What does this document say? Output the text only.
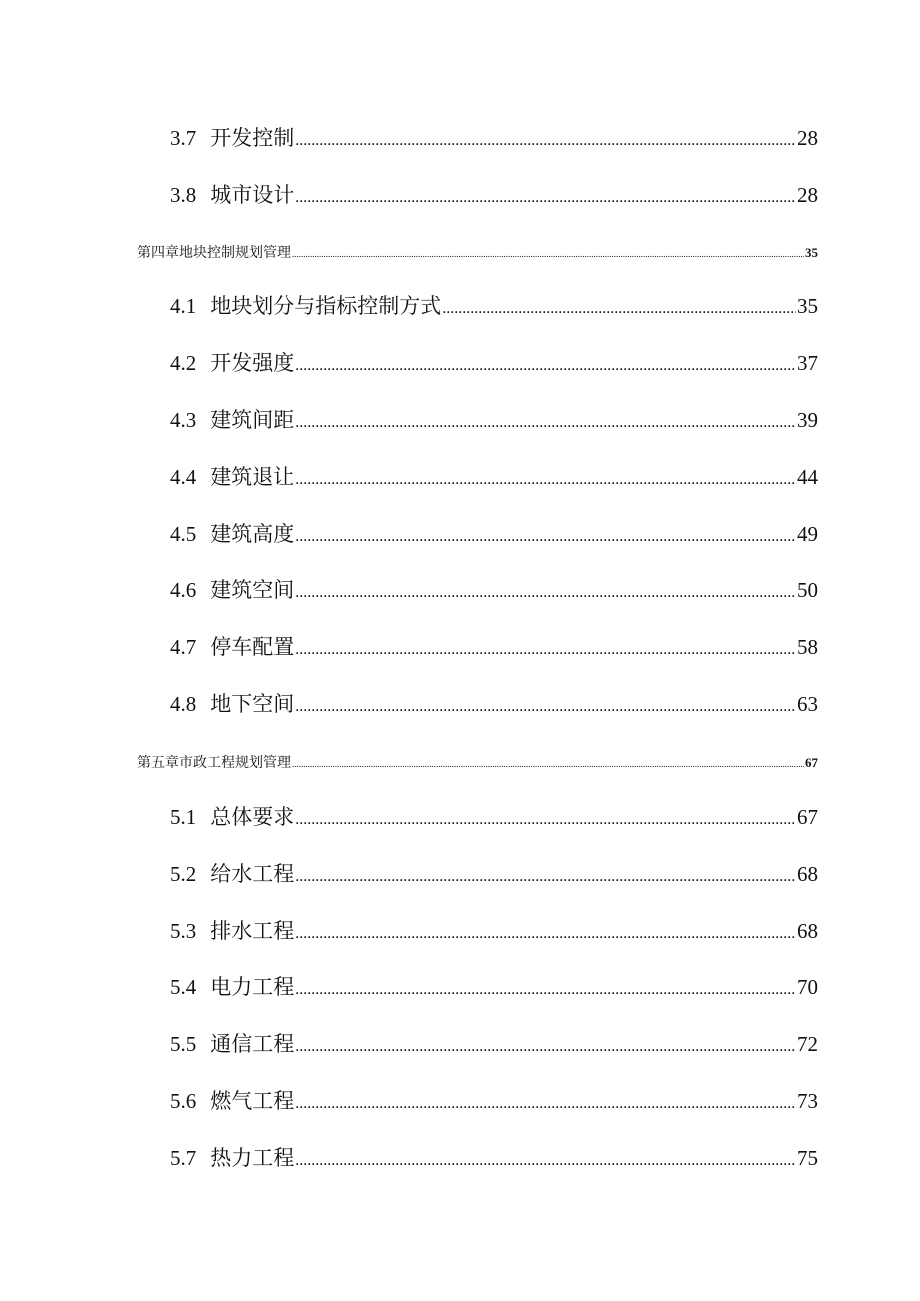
3.7 开发控制 .....	28
3.8 城市设计 .....	28
第四章地块控制规划管理 .....	35
4.1 地块划分与指标控制方式 .....	35
4.2 开发强度 .....	37
4.3 建筑间距 .....	39
4.4 建筑退让 .....	44
4.5 建筑高度 .....	49
4.6 建筑空间 .....	50
4.7 停车配置 .....	58
4.8 地下空间 .....	63
第五章市政工程规划管理 .....	67
5.1 总体要求 .....	67
5.2 给水工程 .....	68
5.3 排水工程 .....	68
5.4 电力工程 .....	70
5.5 通信工程 .....	72
5.6 燃气工程 .....	73
5.7 热力工程 .....	75
